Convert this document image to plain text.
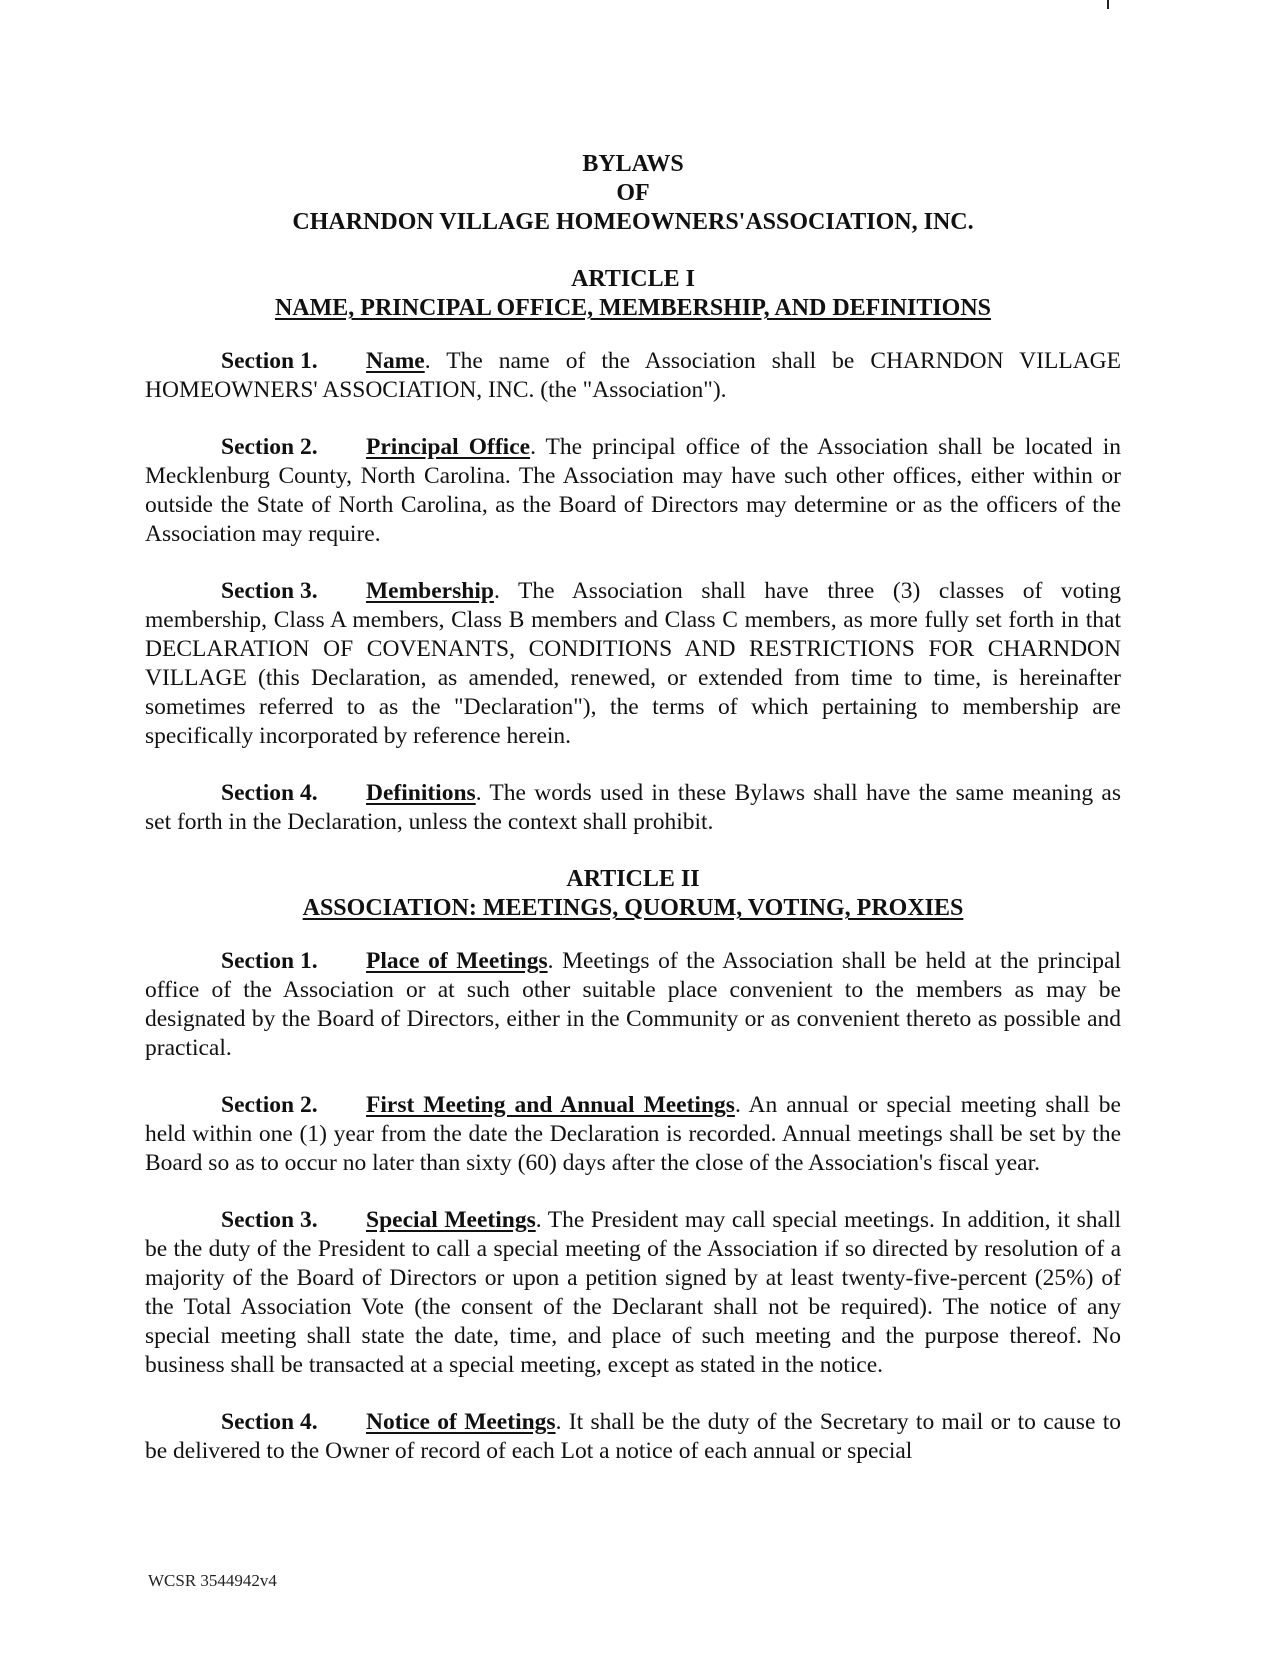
BYLAWS
OF
CHARNDON VILLAGE HOMEOWNERS'ASSOCIATION, INC.
ARTICLE I
NAME, PRINCIPAL OFFICE, MEMBERSHIP, AND DEFINITIONS

Section 1. Name. The name of the Association shall be CHARNDON VILLAGE HOMEOWNERS' ASSOCIATION, INC. (the "Association").

Section 2. Principal Office. The principal office of the Association shall be located in Mecklenburg County, North Carolina. The Association may have such other offices, either within or outside the State of North Carolina, as the Board of Directors may determine or as the officers of the Association may require.

Section 3. Membership. The Association shall have three (3) classes of voting membership, Class A members, Class B members and Class C members, as more fully set forth in that DECLARATION OF COVENANTS, CONDITIONS AND RESTRICTIONS FOR CHARNDON VILLAGE (this Declaration, as amended, renewed, or extended from time to time, is hereinafter sometimes referred to as the "Declaration"), the terms of which pertaining to membership are specifically incorporated by reference herein.

Section 4. Definitions. The words used in these Bylaws shall have the same meaning as set forth in the Declaration, unless the context shall prohibit.

ARTICLE II
ASSOCIATION: MEETINGS, QUORUM, VOTING, PROXIES

Section 1. Place of Meetings. Meetings of the Association shall be held at the principal office of the Association or at such other suitable place convenient to the members as may be designated by the Board of Directors, either in the Community or as convenient thereto as possible and practical.

Section 2. First Meeting and Annual Meetings. An annual or special meeting shall be held within one (1) year from the date the Declaration is recorded. Annual meetings shall be set by the Board so as to occur no later than sixty (60) days after the close of the Association's fiscal year.

Section 3. Special Meetings. The President may call special meetings. In addition, it shall be the duty of the President to call a special meeting of the Association if so directed by resolution of a majority of the Board of Directors or upon a petition signed by at least twenty-five-percent (25%) of the Total Association Vote (the consent of the Declarant shall not be required). The notice of any special meeting shall state the date, time, and place of such meeting and the purpose thereof. No business shall be transacted at a special meeting, except as stated in the notice.

Section 4. Notice of Meetings. It shall be the duty of the Secretary to mail or to cause to be delivered to the Owner of record of each Lot a notice of each annual or special

WCSR 3544942v4
